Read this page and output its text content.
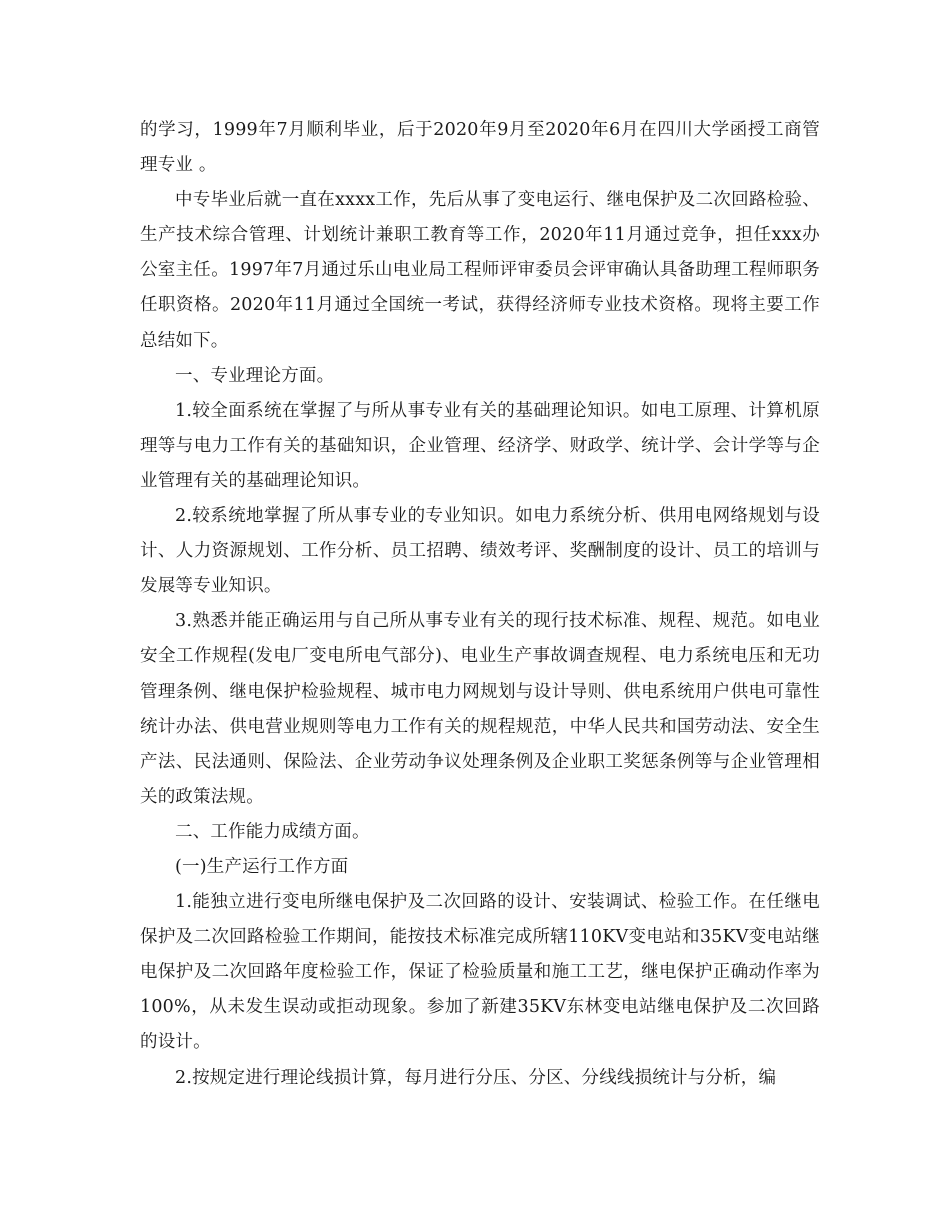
的学习，1999年7月顺利毕业，后于2020年9月至2020年6月在四川大学函授工商管理专业 。

中专毕业后就一直在xxxx工作，先后从事了变电运行、继电保护及二次回路检验、生产技术综合管理、计划统计兼职工教育等工作，2020年11月通过竞争，担任xxx办公室主任。1997年7月通过乐山电业局工程师评审委员会评审确认具备助理工程师职务任职资格。2020年11月通过全国统一考试，获得经济师专业技术资格。现将主要工作总结如下。

一、专业理论方面。

1.较全面系统在掌握了与所从事专业有关的基础理论知识。如电工原理、计算机原理等与电力工作有关的基础知识，企业管理、经济学、财政学、统计学、会计学等与企业管理有关的基础理论知识。

2.较系统地掌握了所从事专业的专业知识。如电力系统分析、供用电网络规划与设计、人力资源规划、工作分析、员工招聘、绩效考评、奖酬制度的设计、员工的培训与发展等专业知识。

3.熟悉并能正确运用与自己所从事专业有关的现行技术标准、规程、规范。如电业安全工作规程(发电厂变电所电气部分)、电业生产事故调查规程、电力系统电压和无功管理条例、继电保护检验规程、城市电力网规划与设计导则、供电系统用户供电可靠性统计办法、供电营业规则等电力工作有关的规程规范，中华人民共和国劳动法、安全生产法、民法通则、保险法、企业劳动争议处理条例及企业职工奖惩条例等与企业管理相关的政策法规。

二、工作能力成绩方面。

(一)生产运行工作方面

1.能独立进行变电所继电保护及二次回路的设计、安装调试、检验工作。在任继电保护及二次回路检验工作期间，能按技术标准完成所辖110KV变电站和35KV变电站继电保护及二次回路年度检验工作，保证了检验质量和施工工艺，继电保护正确动作率为100%，从未发生误动或拒动现象。参加了新建35KV东林变电站继电保护及二次回路的设计。

2.按规定进行理论线损计算，每月进行分压、分区、分线线损统计与分析，编
